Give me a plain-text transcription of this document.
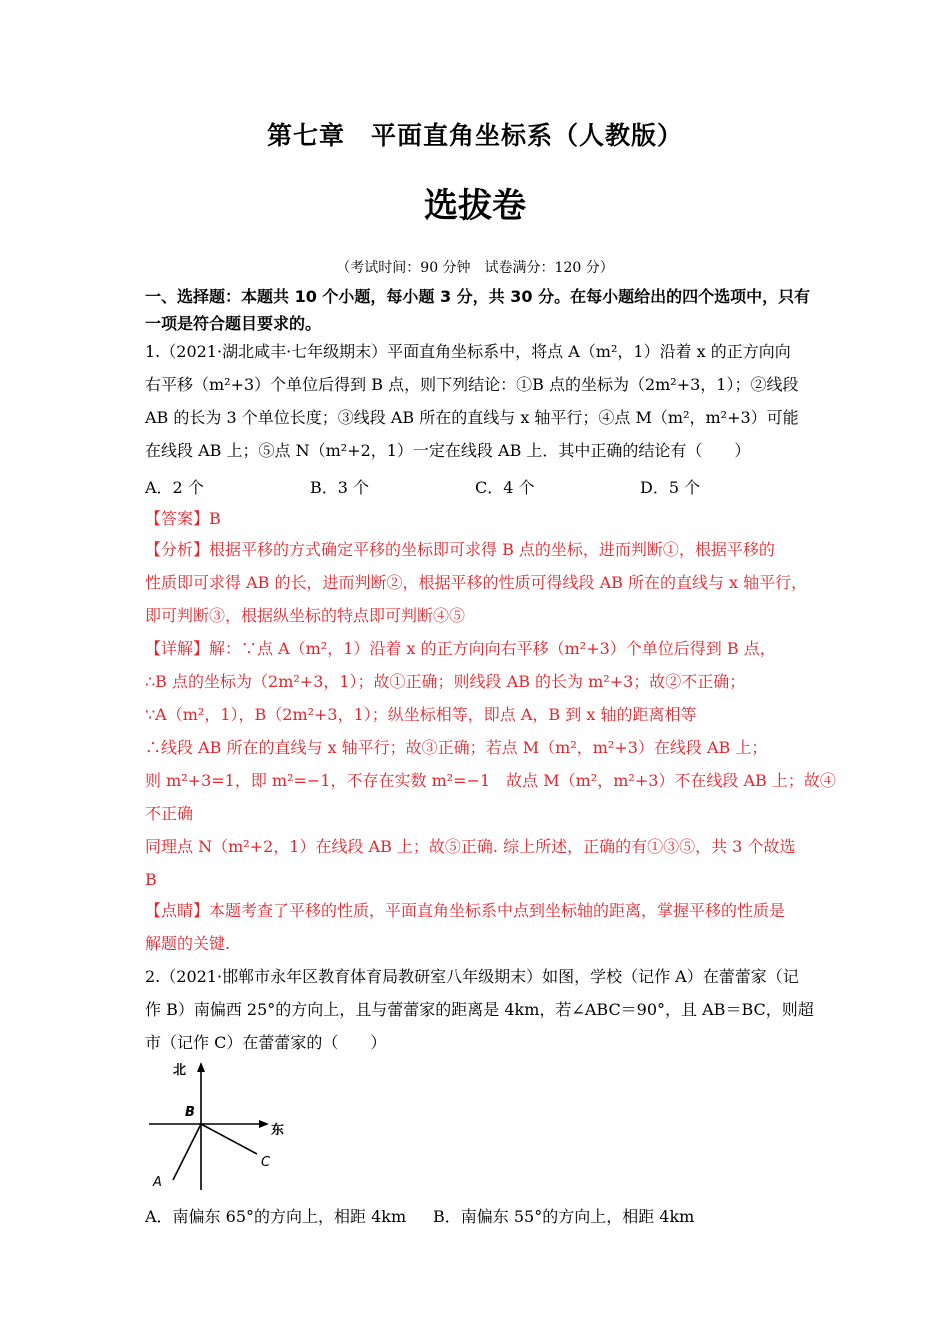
第七章　平面直角坐标系（人教版）
选拔卷
（考试时间：90 分钟　试卷满分：120 分）
一、选择题：本题共 10 个小题，每小题 3 分，共 30 分。在每小题给出的四个选项中，只有
一项是符合题目要求的。
1.（2021·湖北咸丰·七年级期末）平面直角坐标系中，将点 A（m²，1）沿着 x 的正方向向
右平移（m²+3）个单位后得到 B 点，则下列结论：①B 点的坐标为（2m²+3，1）；②线段
AB 的长为 3 个单位长度；③线段 AB 所在的直线与 x 轴平行；④点 M（m²，m²+3）可能
在线段 AB 上；⑤点 N（m²+2，1）一定在线段 AB 上．其中正确的结论有（　　）
A．2 个	B．3 个	C．4 个	D．5 个
【答案】B
【分析】根据平移的方式确定平移的坐标即可求得 B 点的坐标，进而判断①，根据平移的
性质即可求得 AB 的长，进而判断②，根据平移的性质可得线段 AB 所在的直线与 x 轴平行，
即可判断③，根据纵坐标的特点即可判断④⑤
【详解】解：∵点 A（m²，1）沿着 x 的正方向向右平移（m²+3）个单位后得到 B 点，
∴B 点的坐标为（2m²+3，1）；故①正确；则线段 AB 的长为 m²+3；故②不正确；
∵A（m²，1），B（2m²+3，1）；纵坐标相等，即点 A，B 到 x 轴的距离相等
∴线段 AB 所在的直线与 x 轴平行；故③正确；若点 M（m²，m²+3）在线段 AB 上；
则 m²+3=1，即 m²=−1，不存在实数 m²=−1　故点 M（m²，m²+3）不在线段 AB 上；故④
不正确
同理点 N（m²+2，1）在线段 AB 上；故⑤正确. 综上所述，正确的有①③⑤，共 3 个故选
B
【点睛】本题考查了平移的性质，平面直角坐标系中点到坐标轴的距离，掌握平移的性质是
解题的关键.
2.（2021·邯郸市永年区教育体育局教研室八年级期末）如图，学校（记作 A）在蕾蕾家（记
作 B）南偏西 25°的方向上，且与蕾蕾家的距离是 4km，若∠ABC＝90°，且 AB＝BC，则超
市（记作 C）在蕾蕾家的（　　）
北
东
B
A
C
A．南偏东 65°的方向上，相距 4km B．南偏东 55°的方向上，相距 4km
